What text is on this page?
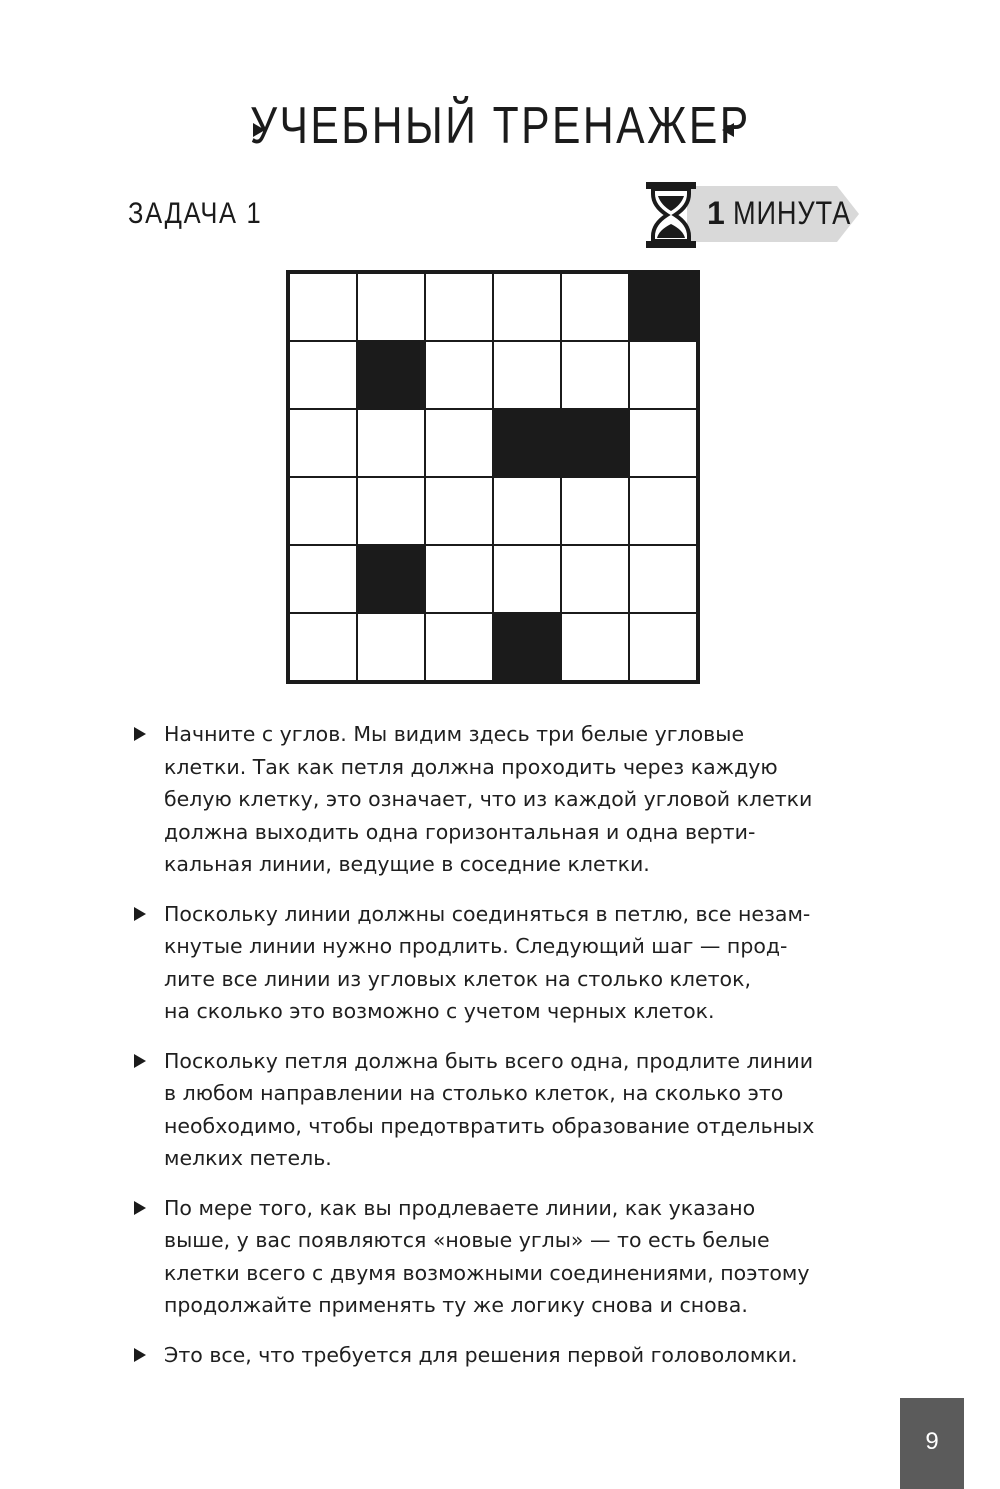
УЧЕБНЫЙ ТРЕНАЖЕР
ЗАДАЧА 1	1 МИНУТА
Начните с углов. Мы видим здесь три белые угловые
клетки. Так как петля должна проходить через каждую
белую клетку, это означает, что из каждой угловой клетки
должна выходить одна горизонтальная и одна верти-
кальная линии, ведущие в соседние клетки.
Поскольку линии должны соединяться в петлю, все незам-
кнутые линии нужно продлить. Следующий шаг — прод-
лите все линии из угловых клеток на столько клеток,
на сколько это возможно с учетом черных клеток.
Поскольку петля должна быть всего одна, продлите линии
в любом направлении на столько клеток, на сколько это
необходимо, чтобы предотвратить образование отдельных
мелких петель.
По мере того, как вы продлеваете линии, как указано
выше, у вас появляются «новые углы» — то есть белые
клетки всего с двумя возможными соединениями, поэтому
продолжайте применять ту же логику снова и снова.
Это все, что требуется для решения первой головоломки.
9
